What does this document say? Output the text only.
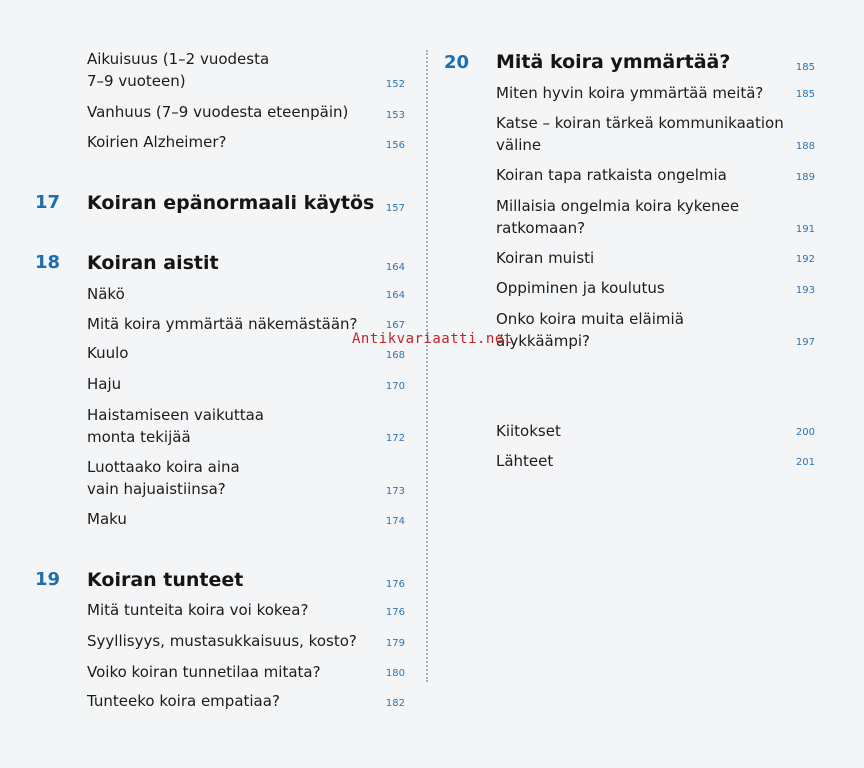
Aikuisuus (1–2 vuodesta
7–9 vuoteen)	152
Vanhuus (7–9 vuodesta eteenpäin)	153
Koirien Alzheimer?	156
17 Koiran epänormaali käytös	157
18 Koiran aistit	164
Näkö	164
Mitä koira ymmärtää näkemästään?	167
Kuulo	168
Haju	170
Haistamiseen vaikuttaa
monta tekijää	172
Luottaako koira aina
vain hajuaistiinsa?	173
Maku	174
19 Koiran tunteet	176
Mitä tunteita koira voi kokea?	176
Syyllisyys, mustasukkaisuus, kosto?	179
Voiko koiran tunnetilaa mitata?	180
Tunteeko koira empatiaa?	182
20 Mitä koira ymmärtää?	185
Miten hyvin koira ymmärtää meitä?	185
Katse – koiran tärkeä kommunikaation
väline	188
Koiran tapa ratkaista ongelmia	189
Millaisia ongelmia koira kykenee
ratkomaan?	191
Koiran muisti	192
Oppiminen ja koulutus	193
Onko koira muita eläimiä
älykkäämpi?	197
Kiitokset	200
Lähteet	201
Antikvariaatti.net
